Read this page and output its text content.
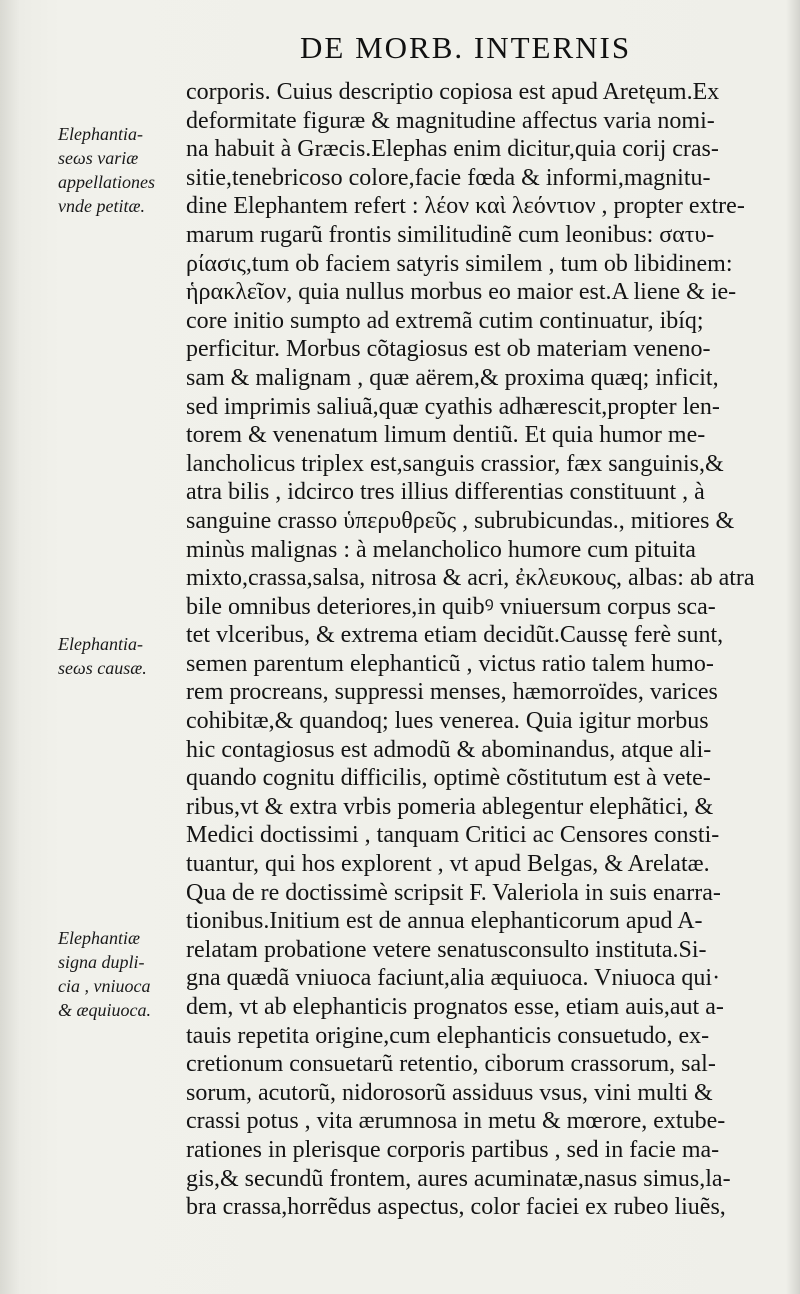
DE MORB. INTERNIS
Elephantia-
seωs variæ
appellationes
vnde petitæ.
Elephantia-
seωs causæ.
Elephantiæ
signa dupli-
cia , vniuoca
& æquiuoca.
corporis. Cuius descriptio copiosa est apud Aretęum.Ex
deformitate figuræ & magnitudine affectus varia nomi-
na habuit à Græcis.Elephas enim dicitur,quia corij cras-
sitie,tenebricoso colore,facie fœda & informi,magnitu-
dine Elephantem refert : λέον καὶ λεόντιον , propter extre-
marum rugarũ frontis similitudinẽ cum leonibus: σατυ-
ρίασις,tum ob faciem satyris similem , tum ob libidinem:
ἡρακλεῖον, quia nullus morbus eo maior est.A liene & ie-
core initio sumpto ad extremã cutim continuatur, ibíq;
perficitur. Morbus cõtagiosus est ob materiam veneno-
sam & malignam , quæ aërem,& proxima quæq; inficit,
sed imprimis saliuã,quæ cyathis adhærescit,propter len-
torem & venenatum limum dentiũ. Et quia humor me-
lancholicus triplex est,sanguis crassior, fæx sanguinis,&
atra bilis , idcirco tres illius differentias constituunt , à
sanguine crasso ὑπερυθρεῦς , subrubicundas., mitiores &
minùs malignas : à melancholico humore cum pituita
mixto,crassa,salsa, nitrosa & acri, ἐκλευκους, albas: ab atra
bile omnibus deteriores,in quibꝰ vniuersum corpus sca-
tet vlceribus, & extrema etiam decidũt.Caussę ferè sunt,
semen parentum elephanticũ , victus ratio talem humo-
rem procreans, suppressi menses, hæmorroïdes, varices
cohibitæ,& quandoq; lues venerea. Quia igitur morbus
hic contagiosus est admodũ & abominandus, atque ali-
quando cognitu difficilis, optimè cõstitutum est à vete-
ribus,vt & extra vrbis pomeria ablegentur elephãtici, &
Medici doctissimi , tanquam Critici ac Censores consti-
tuantur, qui hos explorent , vt apud Belgas, & Arelatæ.
Qua de re doctissimè scripsit F. Valeriola in suis enarra-
tionibus.Initium est de annua elephanticorum apud A-
relatam probatione vetere senatusconsulto instituta.Si-
gna quædã vniuoca faciunt,alia æquiuoca. Vniuoca qui·
dem, vt ab elephanticis prognatos esse, etiam auis,aut a-
tauis repetita origine,cum elephanticis consuetudo, ex-
cretionum consuetarũ retentio, ciborum crassorum, sal-
sorum, acutorũ, nidorosorũ assiduus vsus, vini multi &
crassi potus , vita ærumnosa in metu & mœrore, extube-
rationes in plerisque corporis partibus , sed in facie ma-
gis,& secundũ frontem, aures acuminatæ,nasus simus,la-
bra crassa,horrẽdus aspectus, color faciei ex rubeo liuẽs,
